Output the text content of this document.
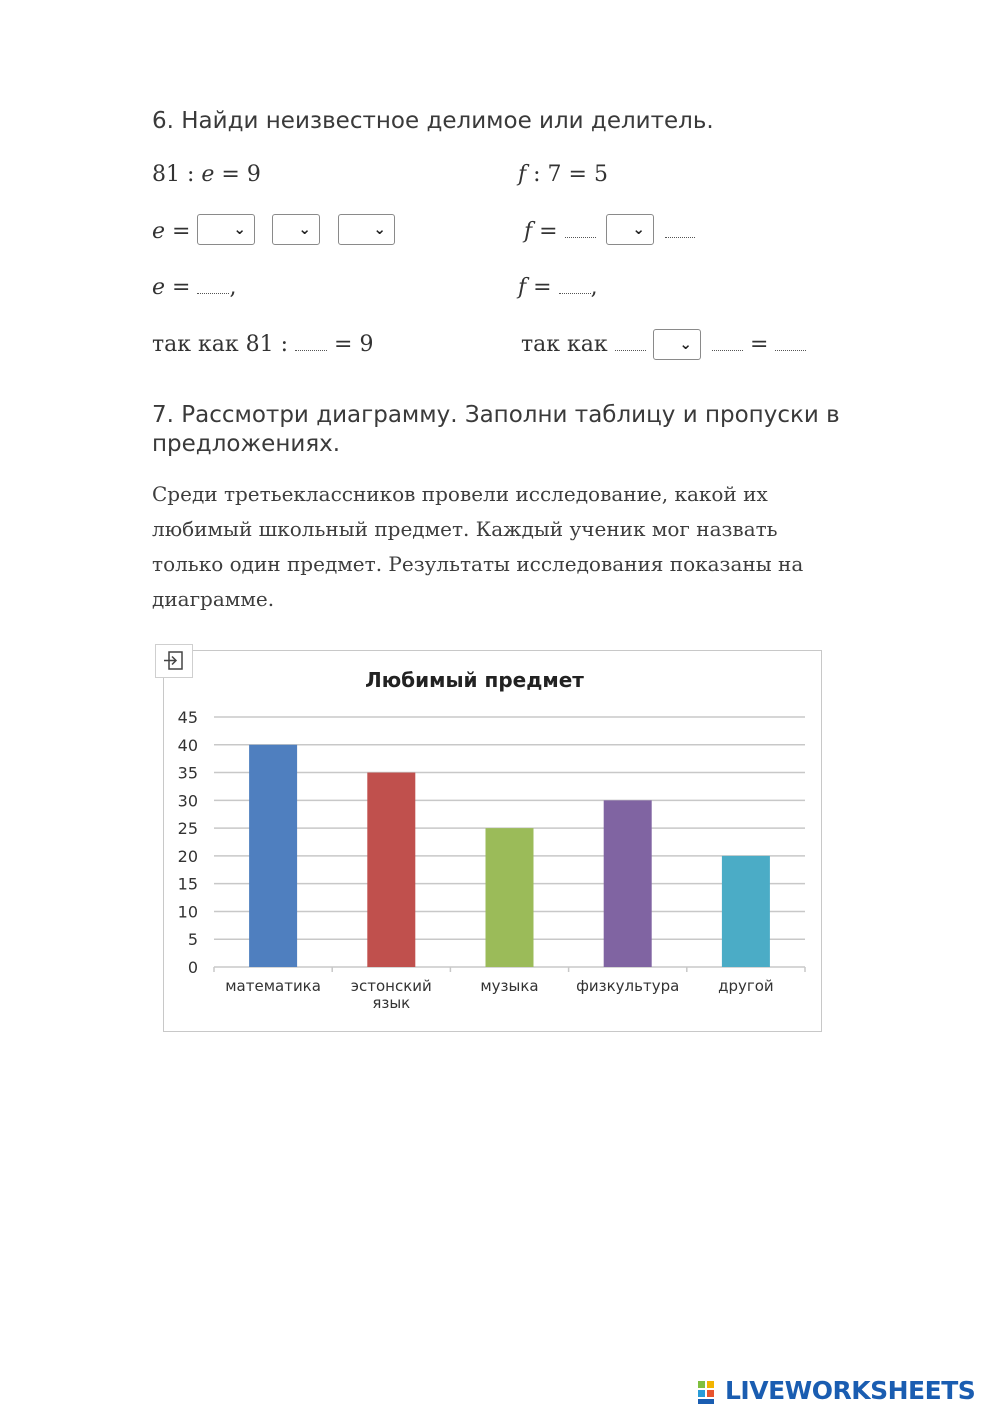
6. Найди неизвестное делимое или делитель.
81 : e = 9
e =	⌄	⌄	⌄
e = ,
так как 81 :  = 9
f : 7 = 5
f =	⌄
f = ,
так как	⌄	=
7. Рассмотри диаграмму. Заполни таблицу и пропуски в
предложениях.
Среди третьеклассников провели исследование, какой их любимый школьный предмет. Каждый ученик мог назвать только один предмет. Результаты исследования показаны на диаграмме.
Любимый предмет
0
5
10
15
20
25
30
35
40
45
математика эстонский язык
музыка физкультура	другой
LIVEWORKSHEETS
